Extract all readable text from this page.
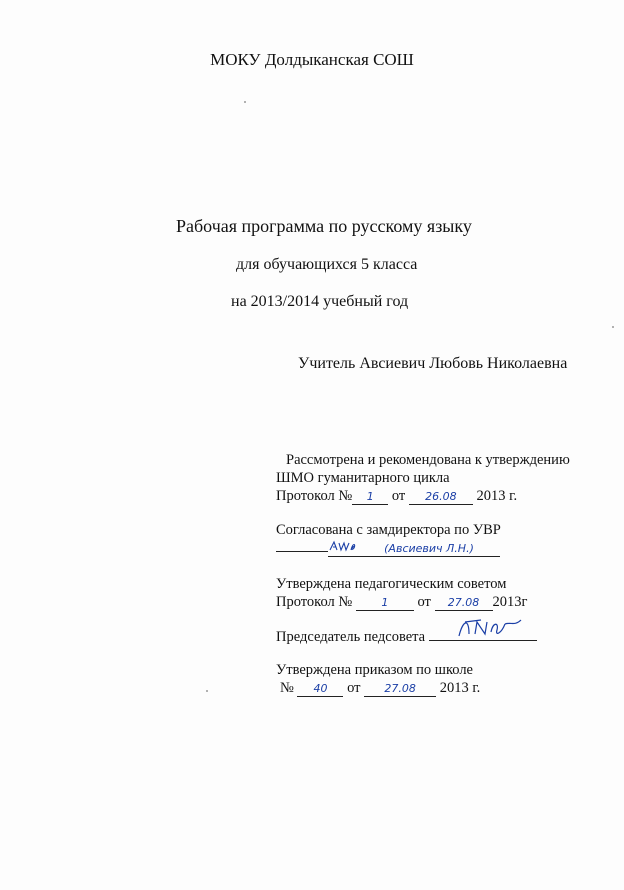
МОКУ Долдыканская СОШ
Рабочая программа по русскому языку
для обучающихся 5 класса
на 2013/2014 учебный год
Учитель Авсиевич Любовь Николаевна
Рассмотрена и рекомендована к утверждению
ШМО гуманитарного цикла
Протокол № 1 от 26.08 2013 г.
Согласована с замдиректора по УВР
(Авсиевич Л.Н.)
Утверждена педагогическим советом
Протокол №	1 от 27.08 2013г
Председатель педсовета
Утверждена приказом по школе
№ 40 от 27.08 2013 г.
